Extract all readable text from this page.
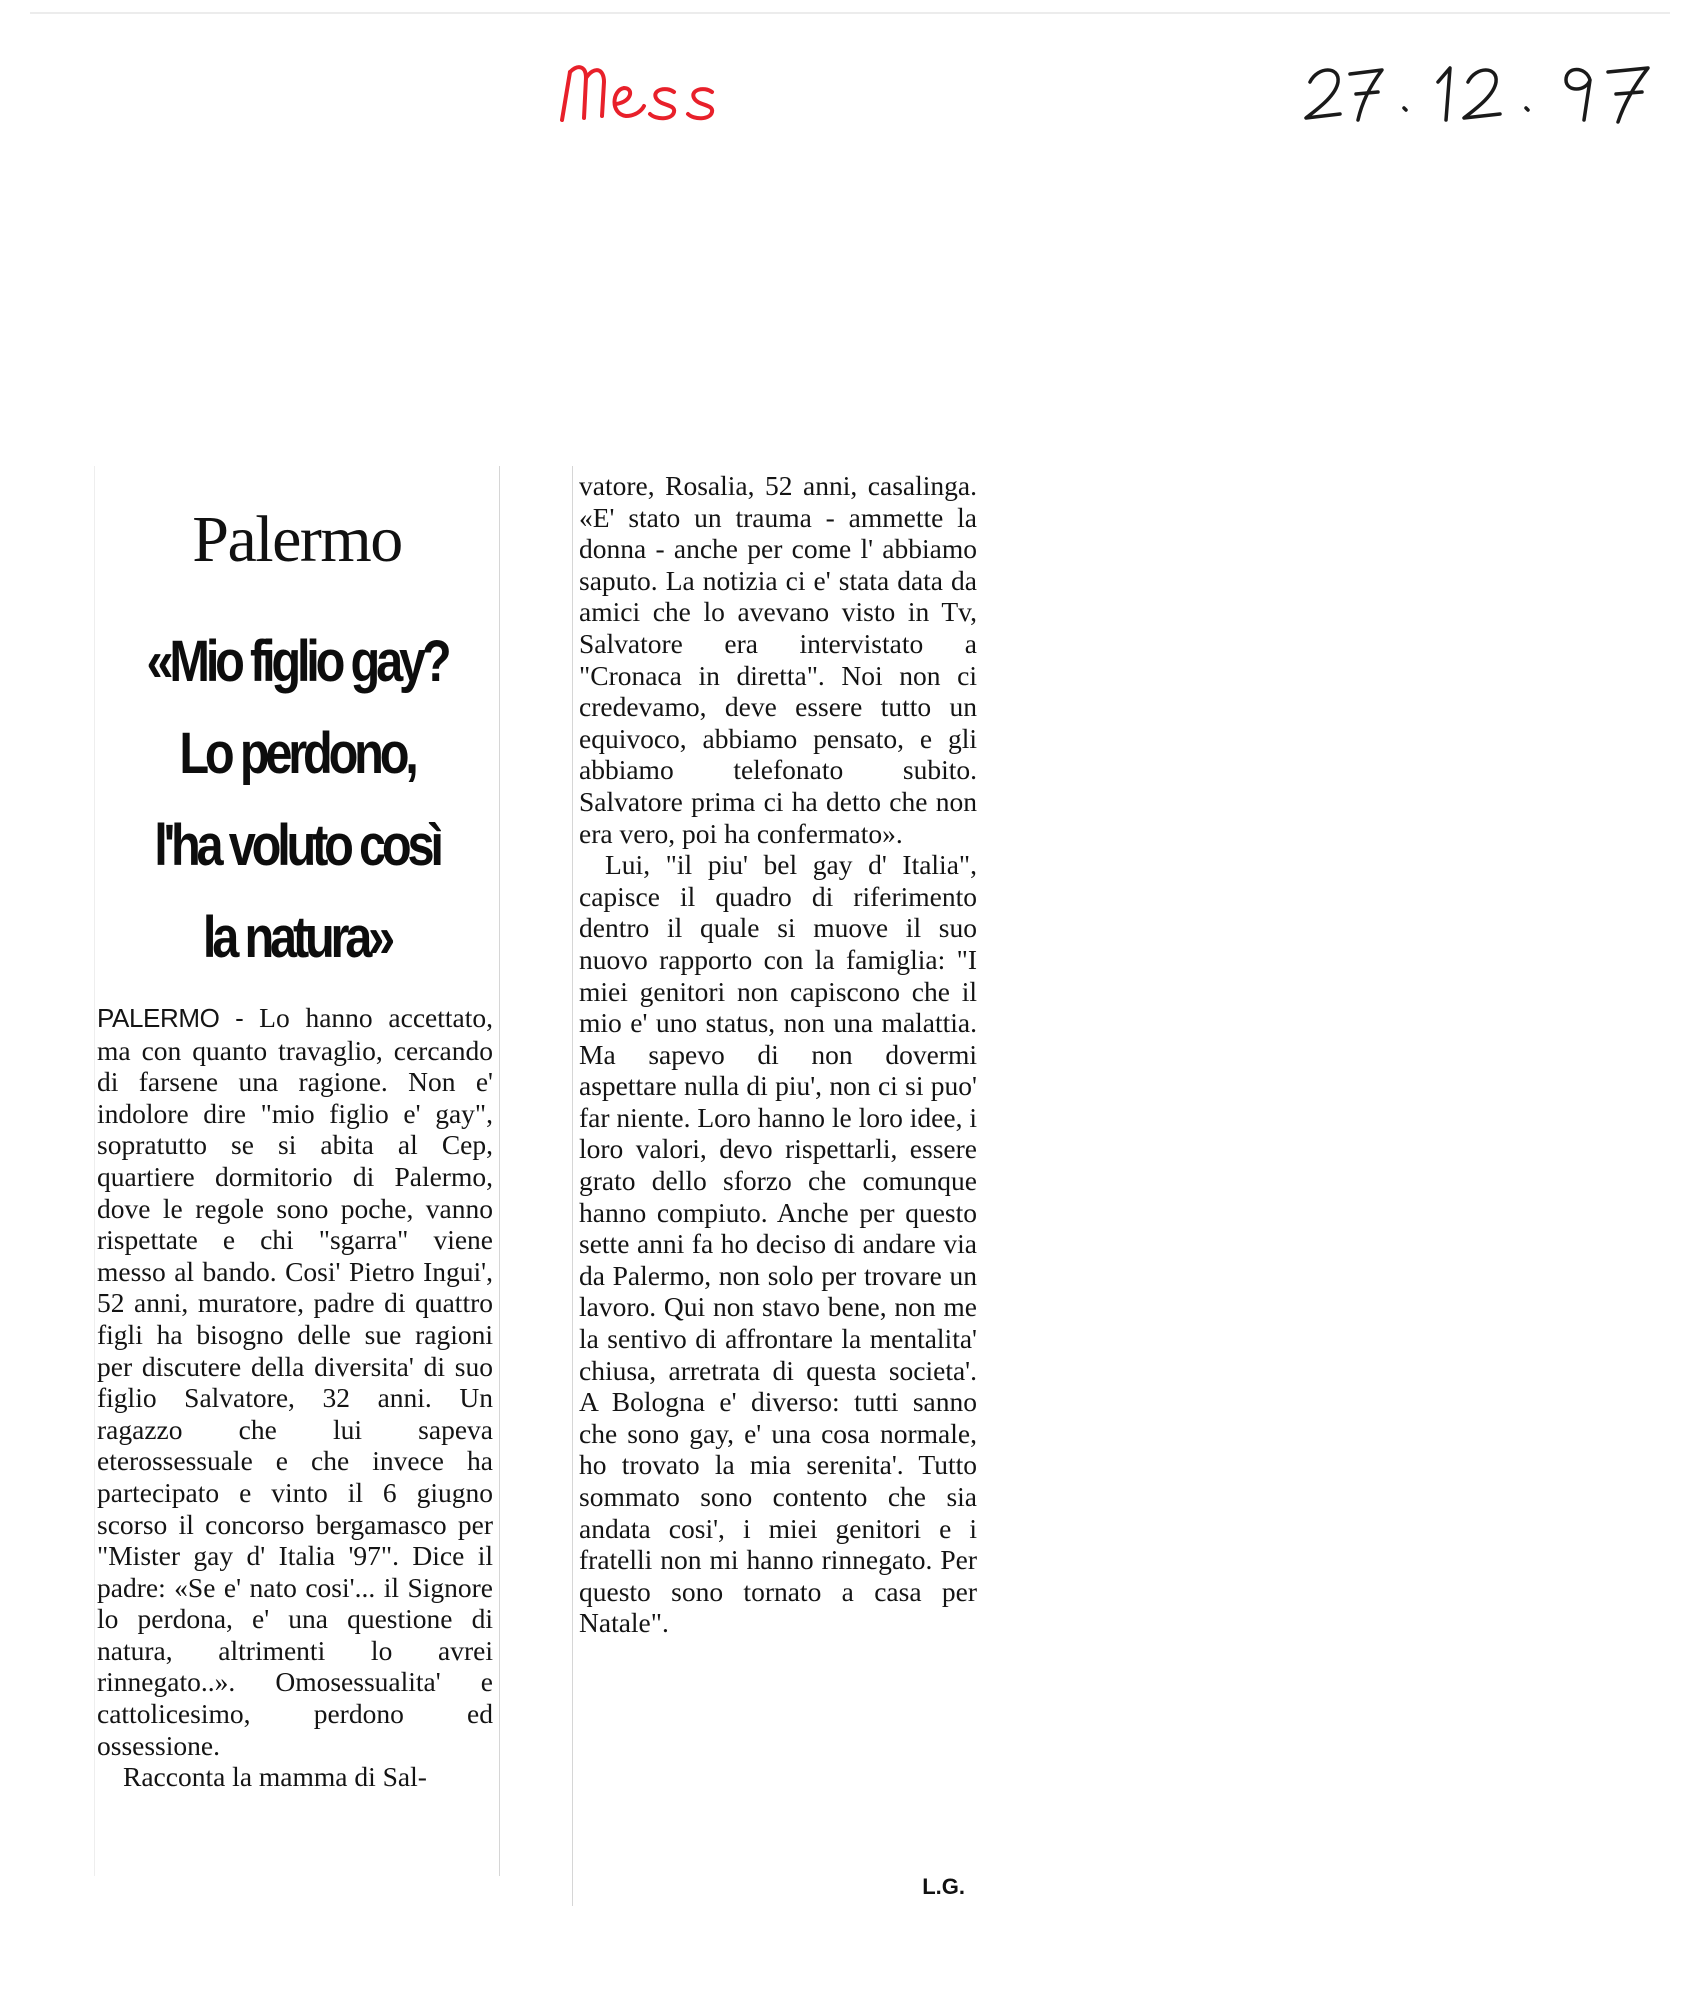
Palermo
«Mio figlio gay?
Lo perdono,
l'ha voluto così
la natura»

PALERMO - Lo hanno accettato, ma con quanto travaglio, cercando di farsene una ragione. Non e' indolore dire "mio figlio e' gay", sopratutto se si abita al Cep, quartiere dormitorio di Palermo, dove le regole sono poche, vanno rispettate e chi "sgarra" viene messo al bando. Cosi' Pietro Ingui', 52 anni, muratore, padre di quattro figli ha bisogno delle sue ragioni per discutere della diversita' di suo figlio Salvatore, 32 anni. Un ragazzo che lui sapeva eterossessuale e che invece ha partecipato e vinto il 6 giugno scorso il concorso bergamasco per "Mister gay d' Italia '97". Dice il padre: «Se e' nato cosi'... il Signore lo perdona, e' una questione di natura, altrimenti lo avrei rinnegato..». Omosessualita' e cattolicesimo, perdono ed ossessione.

Racconta la mamma di Sal-

vatore, Rosalia, 52 anni, casalinga. «E' stato un trauma - ammette la donna - anche per come l' abbiamo saputo. La notizia ci e' stata data da amici che lo avevano visto in Tv, Salvatore era intervistato a "Cronaca in diretta". Noi non ci credevamo, deve essere tutto un equivoco, abbiamo pensato, e gli abbiamo telefonato subito. Salvatore prima ci ha detto che non era vero, poi ha confermato».

Lui, "il piu' bel gay d' Italia", capisce il quadro di riferimento dentro il quale si muove il suo nuovo rapporto con la famiglia: "I miei genitori non capiscono che il mio e' uno status, non una malattia. Ma sapevo di non dovermi aspettare nulla di piu', non ci si puo' far niente. Loro hanno le loro idee, i loro valori, devo rispettarli, essere grato dello sforzo che comunque hanno compiuto. Anche per questo sette anni fa ho deciso di andare via da Palermo, non solo per trovare un lavoro. Qui non stavo bene, non me la sentivo di affrontare la mentalita' chiusa, arretrata di questa societa'. A Bologna e' diverso: tutti sanno che sono gay, e' una cosa normale, ho trovato la mia serenita'. Tutto sommato sono contento che sia andata cosi', i miei genitori e i fratelli non mi hanno rinnegato. Per questo sono tornato a casa per Natale".

L.G.
